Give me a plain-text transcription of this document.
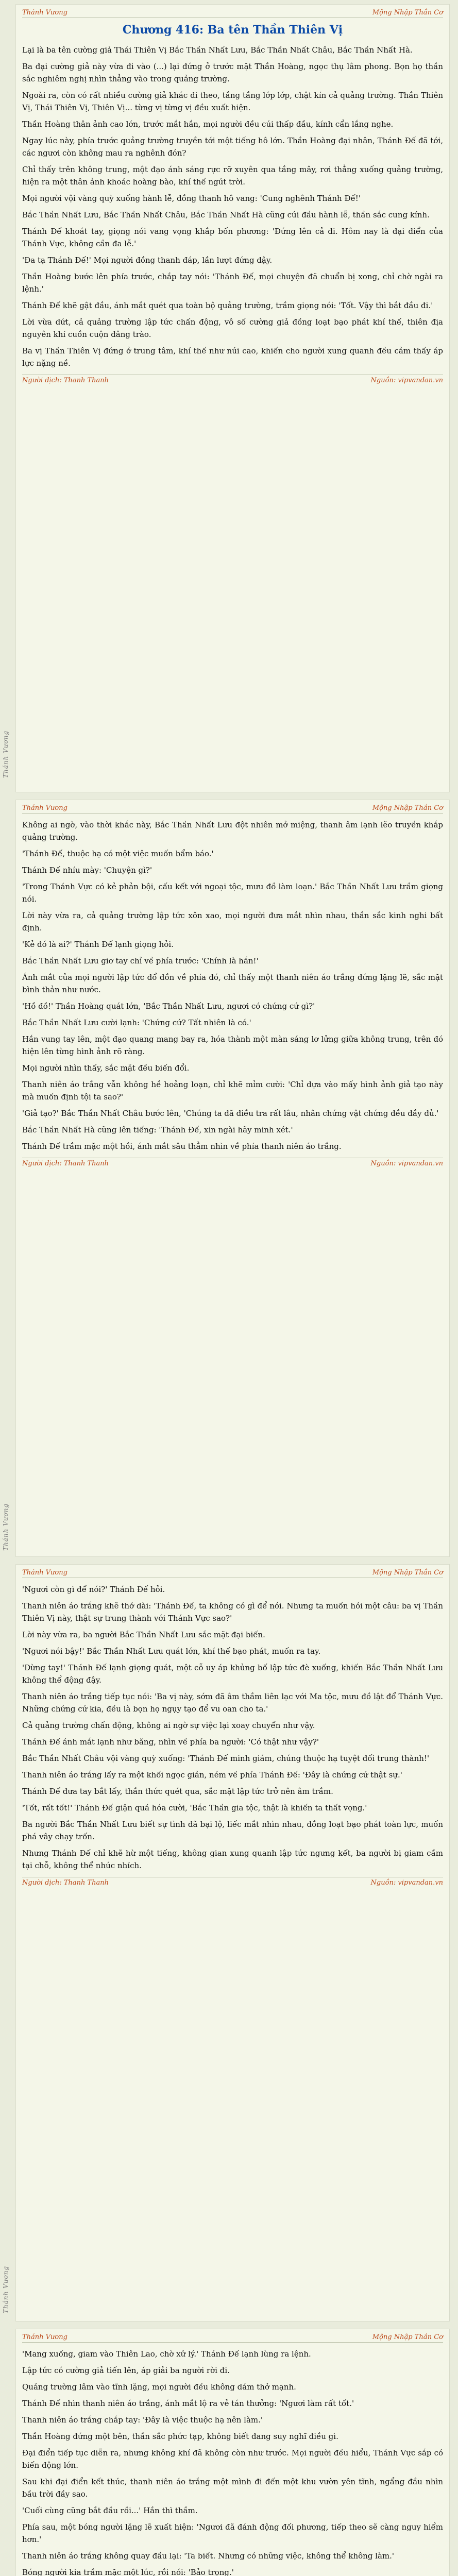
Thánh Vương
Thánh Vương	Mộng Nhập Thần Cơ
Chương 416: Ba tên Thần Thiên Vị

Lại là ba tên cường giả Thái Thiên Vị Bắc Thần Nhất Lưu, Bắc Thần Nhất Châu, Bắc Thần Nhất Hà.

Ba đại cường giả này vừa đi vào (...) lại đứng ở trước mặt Thần Hoàng, ngọc thụ lâm phong. Bọn họ thần sắc nghiêm nghị nhìn thẳng vào trong quảng trường.

Ngoài ra, còn có rất nhiều cường giả khác đi theo, tầng tầng lớp lớp, chật kín cả quảng trường. Thần Thiên Vị, Thái Thiên Vị, Thiên Vị... từng vị từng vị đều xuất hiện.

Thần Hoàng thân ảnh cao lớn, trước mắt hắn, mọi người đều cúi thấp đầu, kính cẩn lắng nghe.

Ngay lúc này, phía trước quảng trường truyền tới một tiếng hô lớn. Thần Hoàng đại nhân, Thánh Đế đã tới, các ngươi còn không mau ra nghênh đón?

Chỉ thấy trên không trung, một đạo ánh sáng rực rỡ xuyên qua tầng mây, rơi thẳng xuống quảng trường, hiện ra một thân ảnh khoác hoàng bào, khí thế ngút trời.

Mọi người vội vàng quỳ xuống hành lễ, đồng thanh hô vang: 'Cung nghênh Thánh Đế!'

Bắc Thần Nhất Lưu, Bắc Thần Nhất Châu, Bắc Thần Nhất Hà cũng cúi đầu hành lễ, thần sắc cung kính.

Thánh Đế khoát tay, giọng nói vang vọng khắp bốn phương: 'Đứng lên cả đi. Hôm nay là đại điển của Thánh Vực, không cần đa lễ.'

'Đa tạ Thánh Đế!' Mọi người đồng thanh đáp, lần lượt đứng dậy.

Thần Hoàng bước lên phía trước, chắp tay nói: 'Thánh Đế, mọi chuyện đã chuẩn bị xong, chỉ chờ ngài ra lệnh.'

Thánh Đế khẽ gật đầu, ánh mắt quét qua toàn bộ quảng trường, trầm giọng nói: 'Tốt. Vậy thì bắt đầu đi.'

Lời vừa dứt, cả quảng trường lập tức chấn động, vô số cường giả đồng loạt bạo phát khí thế, thiên địa nguyên khí cuồn cuộn dâng trào.

Ba vị Thần Thiên Vị đứng ở trung tâm, khí thế như núi cao, khiến cho người xung quanh đều cảm thấy áp lực nặng nề.

Người dịch: Thanh Thanh	Nguồn: vipvandan.vn
Thánh Vương
Thánh Vương	Mộng Nhập Thần Cơ

Không ai ngờ, vào thời khắc này, Bắc Thần Nhất Lưu đột nhiên mở miệng, thanh âm lạnh lẽo truyền khắp quảng trường.

'Thánh Đế, thuộc hạ có một việc muốn bẩm báo.'

Thánh Đế nhíu mày: 'Chuyện gì?'

'Trong Thánh Vực có kẻ phản bội, cấu kết với ngoại tộc, mưu đồ làm loạn.' Bắc Thần Nhất Lưu trầm giọng nói.

Lời này vừa ra, cả quảng trường lập tức xôn xao, mọi người đưa mắt nhìn nhau, thần sắc kinh nghi bất định.

'Kẻ đó là ai?' Thánh Đế lạnh giọng hỏi.

Bắc Thần Nhất Lưu giơ tay chỉ về phía trước: 'Chính là hắn!'

Ánh mắt của mọi người lập tức đổ dồn về phía đó, chỉ thấy một thanh niên áo trắng đứng lặng lẽ, sắc mặt bình thản như nước.

'Hồ đồ!' Thần Hoàng quát lớn, 'Bắc Thần Nhất Lưu, ngươi có chứng cứ gì?'

Bắc Thần Nhất Lưu cười lạnh: 'Chứng cứ? Tất nhiên là có.'

Hắn vung tay lên, một đạo quang mang bay ra, hóa thành một màn sáng lơ lửng giữa không trung, trên đó hiện lên từng hình ảnh rõ ràng.

Mọi người nhìn thấy, sắc mặt đều biến đổi.

Thanh niên áo trắng vẫn không hề hoảng loạn, chỉ khẽ mỉm cười: 'Chỉ dựa vào mấy hình ảnh giả tạo này mà muốn định tội ta sao?'

'Giả tạo?' Bắc Thần Nhất Châu bước lên, 'Chúng ta đã điều tra rất lâu, nhân chứng vật chứng đều đầy đủ.'

Bắc Thần Nhất Hà cũng lên tiếng: 'Thánh Đế, xin ngài hãy minh xét.'

Thánh Đế trầm mặc một hồi, ánh mắt sâu thẳm nhìn về phía thanh niên áo trắng.

Người dịch: Thanh Thanh	Nguồn: vipvandan.vn
Thánh Vương
Thánh Vương	Mộng Nhập Thần Cơ

'Ngươi còn gì để nói?' Thánh Đế hỏi.

Thanh niên áo trắng khẽ thở dài: 'Thánh Đế, ta không có gì để nói. Nhưng ta muốn hỏi một câu: ba vị Thần Thiên Vị này, thật sự trung thành với Thánh Vực sao?'

Lời này vừa ra, ba người Bắc Thần Nhất Lưu sắc mặt đại biến.

'Ngươi nói bậy!' Bắc Thần Nhất Lưu quát lớn, khí thế bạo phát, muốn ra tay.

'Dừng tay!' Thánh Đế lạnh giọng quát, một cỗ uy áp khủng bố lập tức đè xuống, khiến Bắc Thần Nhất Lưu không thể động đậy.

Thanh niên áo trắng tiếp tục nói: 'Ba vị này, sớm đã âm thầm liên lạc với Ma tộc, mưu đồ lật đổ Thánh Vực. Những chứng cứ kia, đều là bọn họ ngụy tạo để vu oan cho ta.'

Cả quảng trường chấn động, không ai ngờ sự việc lại xoay chuyển như vậy.

Thánh Đế ánh mắt lạnh như băng, nhìn về phía ba người: 'Có thật như vậy?'

Bắc Thần Nhất Châu vội vàng quỳ xuống: 'Thánh Đế minh giám, chúng thuộc hạ tuyệt đối trung thành!'

Thanh niên áo trắng lấy ra một khối ngọc giản, ném về phía Thánh Đế: 'Đây là chứng cứ thật sự.'

Thánh Đế đưa tay bắt lấy, thần thức quét qua, sắc mặt lập tức trở nên âm trầm.

'Tốt, rất tốt!' Thánh Đế giận quá hóa cười, 'Bắc Thần gia tộc, thật là khiến ta thất vọng.'

Ba người Bắc Thần Nhất Lưu biết sự tình đã bại lộ, liếc mắt nhìn nhau, đồng loạt bạo phát toàn lực, muốn phá vây chạy trốn.

Nhưng Thánh Đế chỉ khẽ hừ một tiếng, không gian xung quanh lập tức ngưng kết, ba người bị giam cầm tại chỗ, không thể nhúc nhích.

Người dịch: Thanh Thanh	Nguồn: vipvandan.vn
Thánh Vương	Mộng Nhập Thần Cơ

'Mang xuống, giam vào Thiên Lao, chờ xử lý.' Thánh Đế lạnh lùng ra lệnh.

Lập tức có cường giả tiến lên, áp giải ba người rời đi.

Quảng trường lâm vào tĩnh lặng, mọi người đều không dám thở mạnh.

Thánh Đế nhìn thanh niên áo trắng, ánh mắt lộ ra vẻ tán thưởng: 'Ngươi làm rất tốt.'

Thanh niên áo trắng chắp tay: 'Đây là việc thuộc hạ nên làm.'

Thần Hoàng đứng một bên, thần sắc phức tạp, không biết đang suy nghĩ điều gì.

Đại điển tiếp tục diễn ra, nhưng không khí đã không còn như trước. Mọi người đều hiểu, Thánh Vực sắp có biến động lớn.

Sau khi đại điển kết thúc, thanh niên áo trắng một mình đi đến một khu vườn yên tĩnh, ngẩng đầu nhìn bầu trời đầy sao.

'Cuối cùng cũng bắt đầu rồi...' Hắn thì thầm.

Phía sau, một bóng người lặng lẽ xuất hiện: 'Ngươi đã đánh động đối phương, tiếp theo sẽ càng nguy hiểm hơn.'

Thanh niên áo trắng không quay đầu lại: 'Ta biết. Nhưng có những việc, không thể không làm.'

Bóng người kia trầm mặc một lúc, rồi nói: 'Bảo trọng.'
